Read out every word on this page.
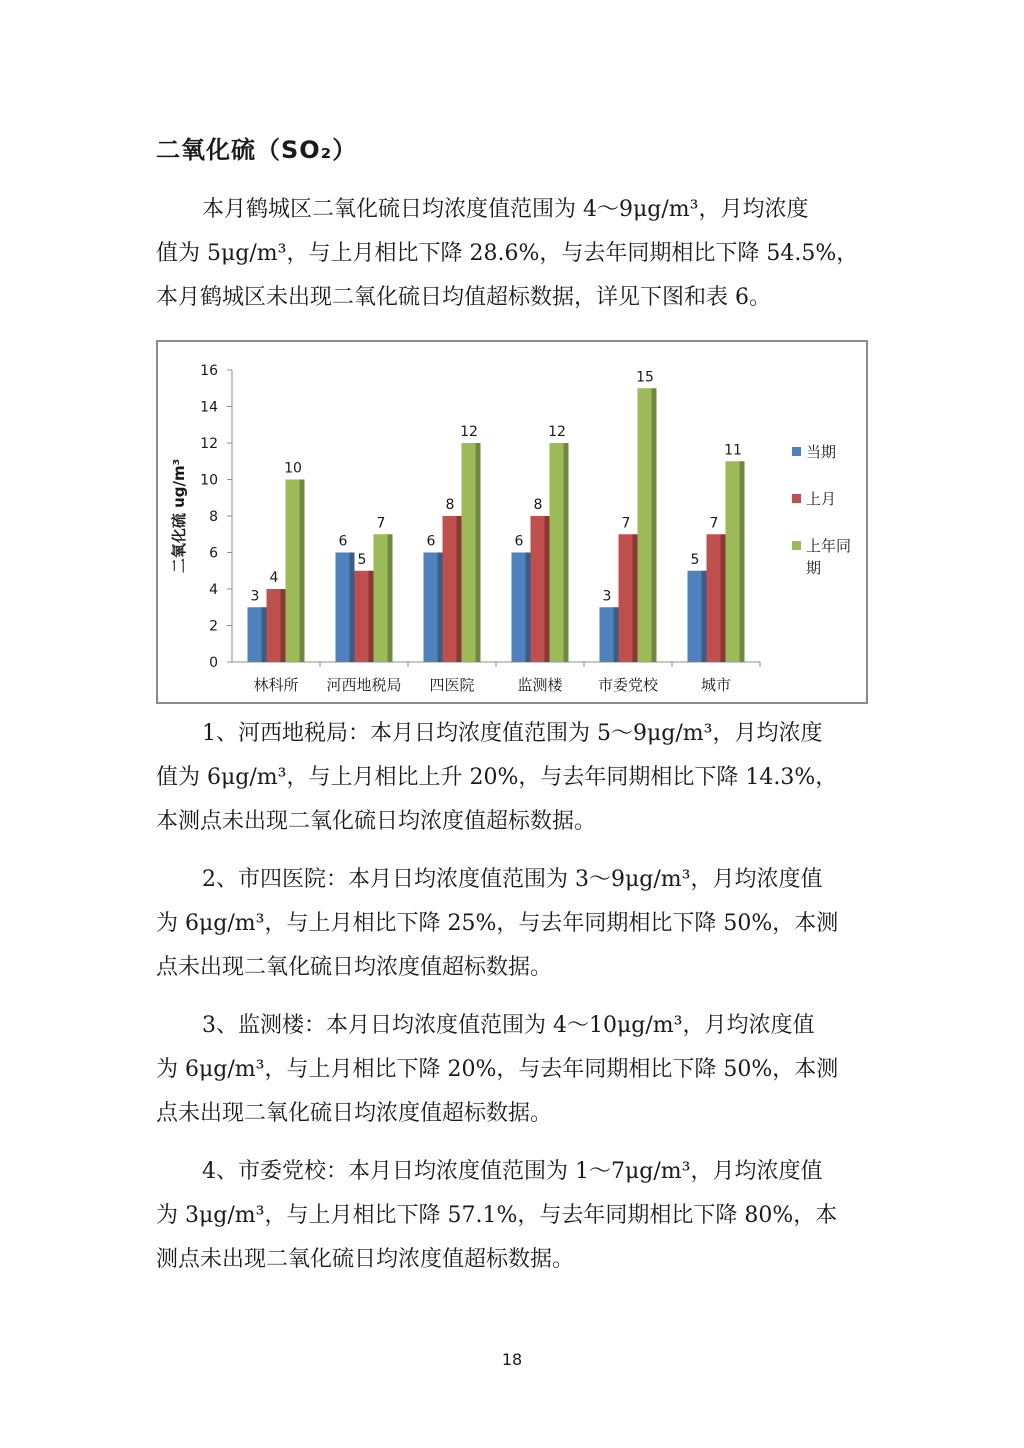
二氧化硫（SO₂）
本月鹤城区二氧化硫日均浓度值范围为 4～9μg/m³，月均浓度
值为 5μg/m³，与上月相比下降 28.6%，与去年同期相比下降 54.5%，
本月鹤城区未出现二氧化硫日均值超标数据，详见下图和表 6。
0
2
4
6
8
10
12
14
16
二氧化硫 ug/m³
3
4
10
林科所
6
5
7
河西地税局
6
8
12
四医院
6
8
12
监测楼
3
7
15
市委党校
5
7
11
城市
当期
上月
上年同
期
1、河西地税局：本月日均浓度值范围为 5～9μg/m³，月均浓度
值为 6μg/m³，与上月相比上升 20%，与去年同期相比下降 14.3%，
本测点未出现二氧化硫日均浓度值超标数据。
2、市四医院：本月日均浓度值范围为 3～9μg/m³，月均浓度值
为 6μg/m³，与上月相比下降 25%，与去年同期相比下降 50%，本测
点未出现二氧化硫日均浓度值超标数据。
3、监测楼：本月日均浓度值范围为 4～10μg/m³，月均浓度值
为 6μg/m³，与上月相比下降 20%，与去年同期相比下降 50%，本测
点未出现二氧化硫日均浓度值超标数据。
4、市委党校：本月日均浓度值范围为 1～7μg/m³，月均浓度值
为 3μg/m³，与上月相比下降 57.1%，与去年同期相比下降 80%，本
测点未出现二氧化硫日均浓度值超标数据。
18
